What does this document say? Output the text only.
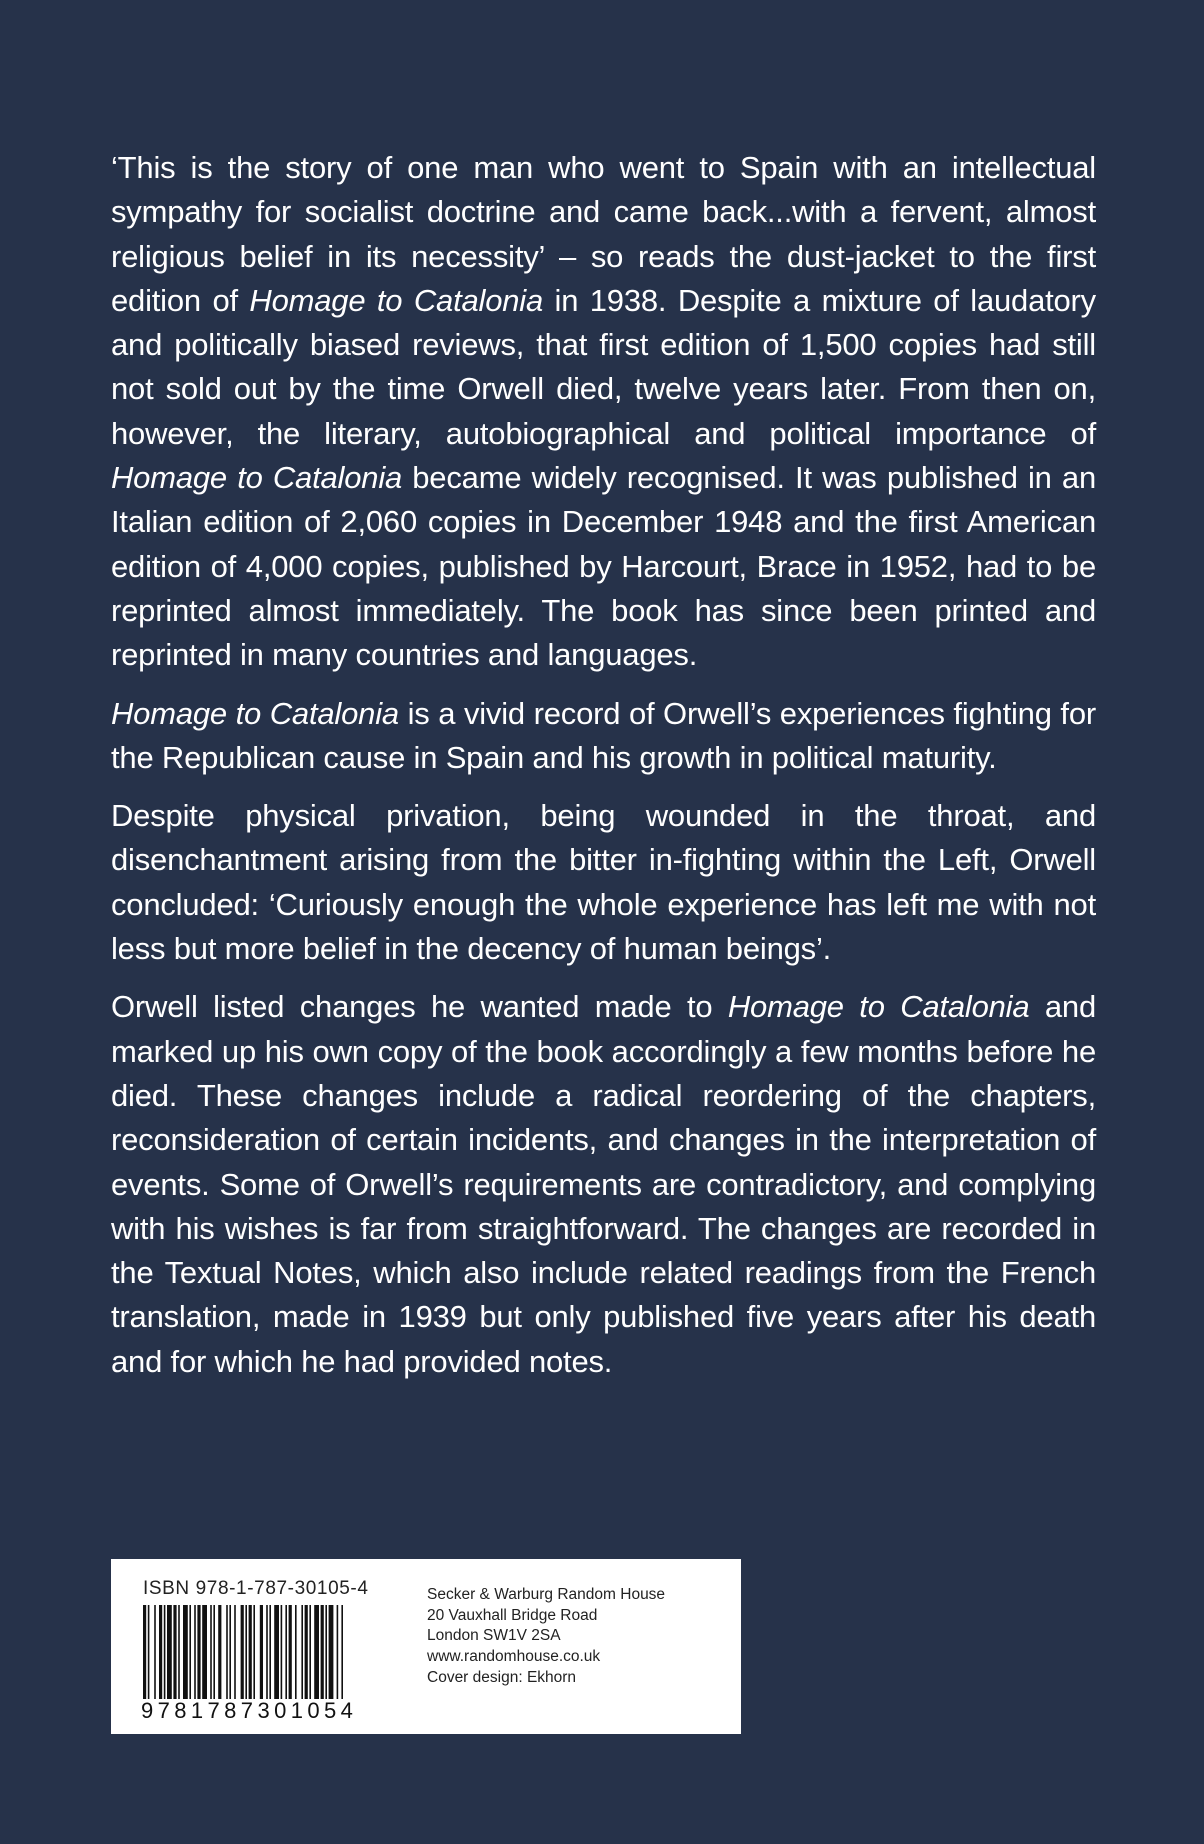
‘This is the story of one man who went to Spain with an intellectual sympathy for socialist doctrine and came back...with a fervent, almost religious belief in its necessity’ – so reads the dust-jacket to the first edition of Homage to Catalonia in 1938. Despite a mixture of laudatory and politically biased reviews, that first edition of 1,500 copies had still not sold out by the time Orwell died, twelve years later. From then on, however, the literary, autobiographical and political importance of Homage to Catalonia became widely recognised. It was published in an Italian edition of 2,060 copies in December 1948 and the first American edition of 4,000 copies, published by Harcourt, Brace in 1952, had to be reprinted almost immediately. The book has since been printed and reprinted in many countries and languages.

Homage to Catalonia is a vivid record of Orwell’s experiences fighting for the Republican cause in Spain and his growth in political maturity.

Despite physical privation, being wounded in the throat, and disenchantment arising from the bitter in-fighting within the Left, Orwell concluded: ‘Curiously enough the whole experience has left me with not less but more belief in the decency of human beings’.

Orwell listed changes he wanted made to Homage to Catalonia and marked up his own copy of the book accordingly a few months before he died. These changes include a radical reordering of the chapters, reconsideration of certain incidents, and changes in the interpretation of events. Some of Orwell’s requirements are contradictory, and complying with his wishes is far from straightforward. The changes are recorded in the Textual Notes, which also include related readings from the French translation, made in 1939 but only published five years after his death and for which he had provided notes.

ISBN 978-1-787-30105-4
9781787301054
Secker & Warburg Random House
20 Vauxhall Bridge Road
London SW1V 2SA
www.randomhouse.co.uk
Cover design: Ekhorn
